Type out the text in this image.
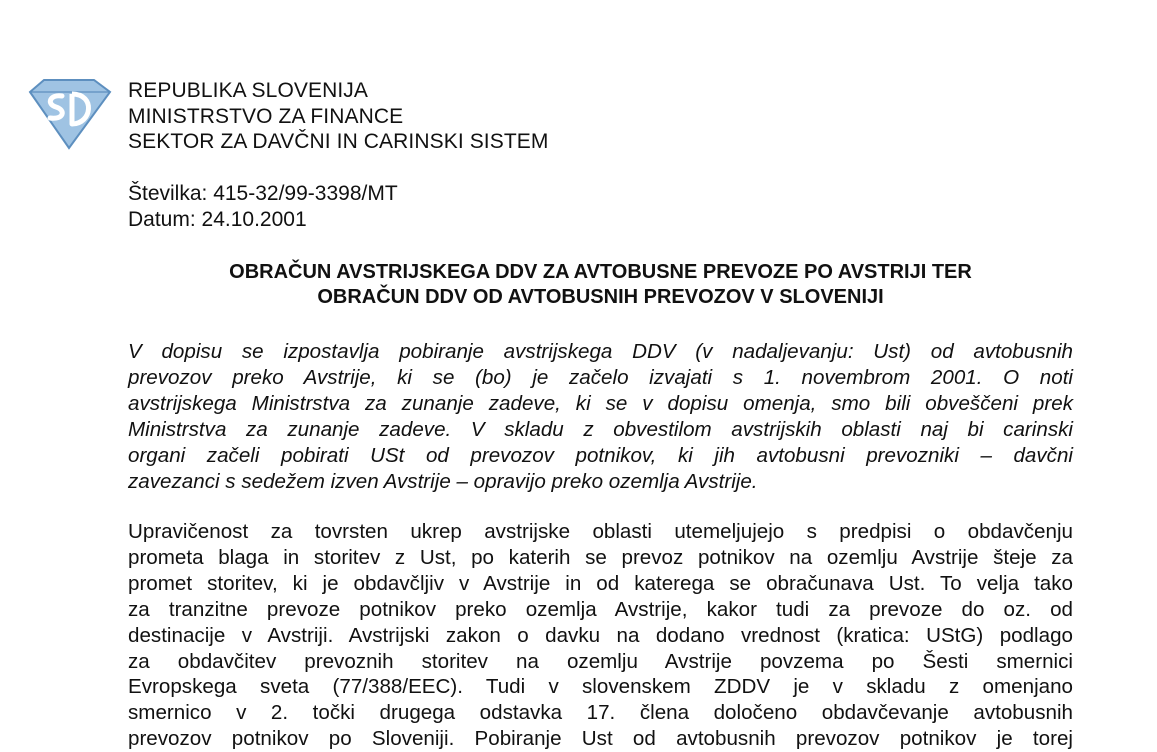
REPUBLIKA SLOVENIJA
MINISTRSTVO ZA FINANCE
SEKTOR ZA DAVČNI IN CARINSKI SISTEM
Številka: 415-32/99-3398/MT
Datum: 24.10.2001
OBRAČUN AVSTRIJSKEGA DDV ZA AVTOBUSNE PREVOZE PO AVSTRIJI TER
OBRAČUN DDV OD AVTOBUSNIH PREVOZOV V SLOVENIJI

V dopisu se izpostavlja pobiranje avstrijskega DDV (v nadaljevanju: Ust) od avtobusnih
prevozov preko Avstrije, ki se (bo) je začelo izvajati s 1. novembrom 2001. O noti
avstrijskega Ministrstva za zunanje zadeve, ki se v dopisu omenja, smo bili obveščeni prek
Ministrstva za zunanje zadeve. V skladu z obvestilom avstrijskih oblasti naj bi carinski
organi začeli pobirati USt od prevozov potnikov, ki jih avtobusni prevozniki – davčni
zavezanci s sedežem izven Avstrije – opravijo preko ozemlja Avstrije.

Upravičenost za tovrsten ukrep avstrijske oblasti utemeljujejo s predpisi o obdavčenju
prometa blaga in storitev z Ust, po katerih se prevoz potnikov na ozemlju Avstrije šteje za
promet storitev, ki je obdavčljiv v Avstrije in od katerega se obračunava Ust. To velja tako
za tranzitne prevoze potnikov preko ozemlja Avstrije, kakor tudi za prevoze do oz. od
destinacije v Avstriji. Avstrijski zakon o davku na dodano vrednost (kratica: UStG) podlago
za obdavčitev prevoznih storitev na ozemlju Avstrije povzema po Šesti smernici
Evropskega sveta (77/388/EEC). Tudi v slovenskem ZDDV je v skladu z omenjano
smernico v 2. točki drugega odstavka 17. člena določeno obdavčevanje avtobusnih
prevozov potnikov po Sloveniji. Pobiranje Ust od avtobusnih prevozov potnikov je torej
